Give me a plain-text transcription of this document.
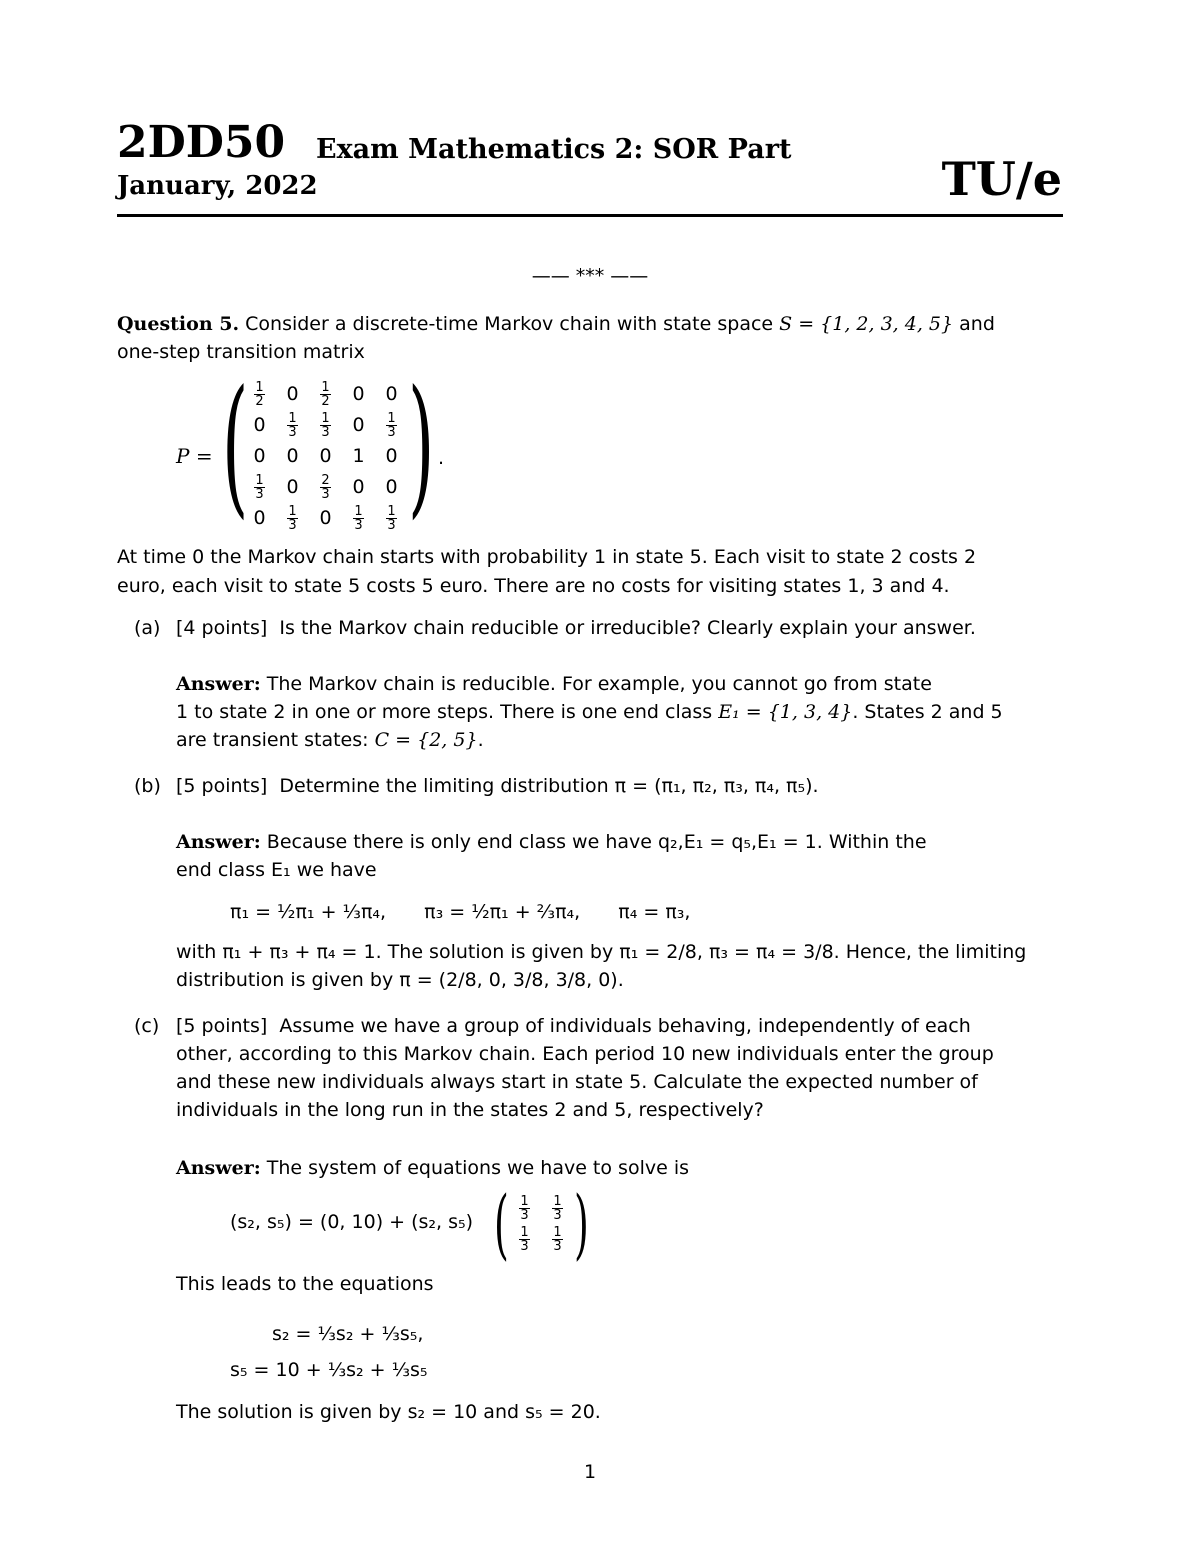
2DD50 Exam Mathematics 2: SOR Part
January, 2022	TU/e
—— *** ——
Question 5. Consider a discrete-time Markov chain with state space S = {1, 2, 3, 4, 5} and
one-step transition matrix
P = ( $\frac{1}{2}$	0	$\frac{1}{2}$	0	0
0	$\frac{1}{3}$	$\frac{1}{3}$	0	$\frac{1}{3}$

0	0	0	1	0

$\frac{1}{3}$	0	$\frac{2}{3}$	0	0
0	$\frac{1}{3}$	0	$\frac{1}{3}$	$\frac{1}{3}$ ) .
At time 0 the Markov chain starts with probability 1 in state 5. Each visit to state 2 costs 2
euro, each visit to state 5 costs 5 euro. There are no costs for visiting states 1, 3 and 4.
(a) [4 points] Is the Markov chain reducible or irreducible? Clearly explain your answer.
Answer: The Markov chain is reducible. For example, you cannot go from state
1 to state 2 in one or more steps. There is one end class E₁ = {1, 3, 4}. States 2 and 5
are transient states: C = {2, 5}.
(b) [5 points] Determine the limiting distribution π = (π₁, π₂, π₃, π₄, π₅).
Answer: Because there is only end class we have q₂,E₁ = q₅,E₁ = 1. Within the
end class E₁ we have
π₁ = ½π₁ + ⅓π₄, π₃ = ½π₁ + ⅔π₄, π₄ = π₃,
with π₁ + π₃ + π₄ = 1. The solution is given by π₁ = 2/8, π₃ = π₄ = 3/8. Hence, the limiting
distribution is given by π = (2/8, 0, 3/8, 3/8, 0).
(c) [5 points] Assume we have a group of individuals behaving, independently of each
other, according to this Markov chain. Each period 10 new individuals enter the group
and these new individuals always start in state 5. Calculate the expected number of
individuals in the long run in the states 2 and 5, respectively?
Answer: The system of equations we have to solve is
(s₂, s₅) = (0, 10) + (s₂, s₅) ( $\frac{1}{3}$	$\frac{1}{3}$

$\frac{1}{3}$	$\frac{1}{3}$ )
This leads to the equations
s₂ = ⅓s₂ + ⅓s₅,
s₅ = 10 + ⅓s₂ + ⅓s₅
The solution is given by s₂ = 10 and s₅ = 20.
1
